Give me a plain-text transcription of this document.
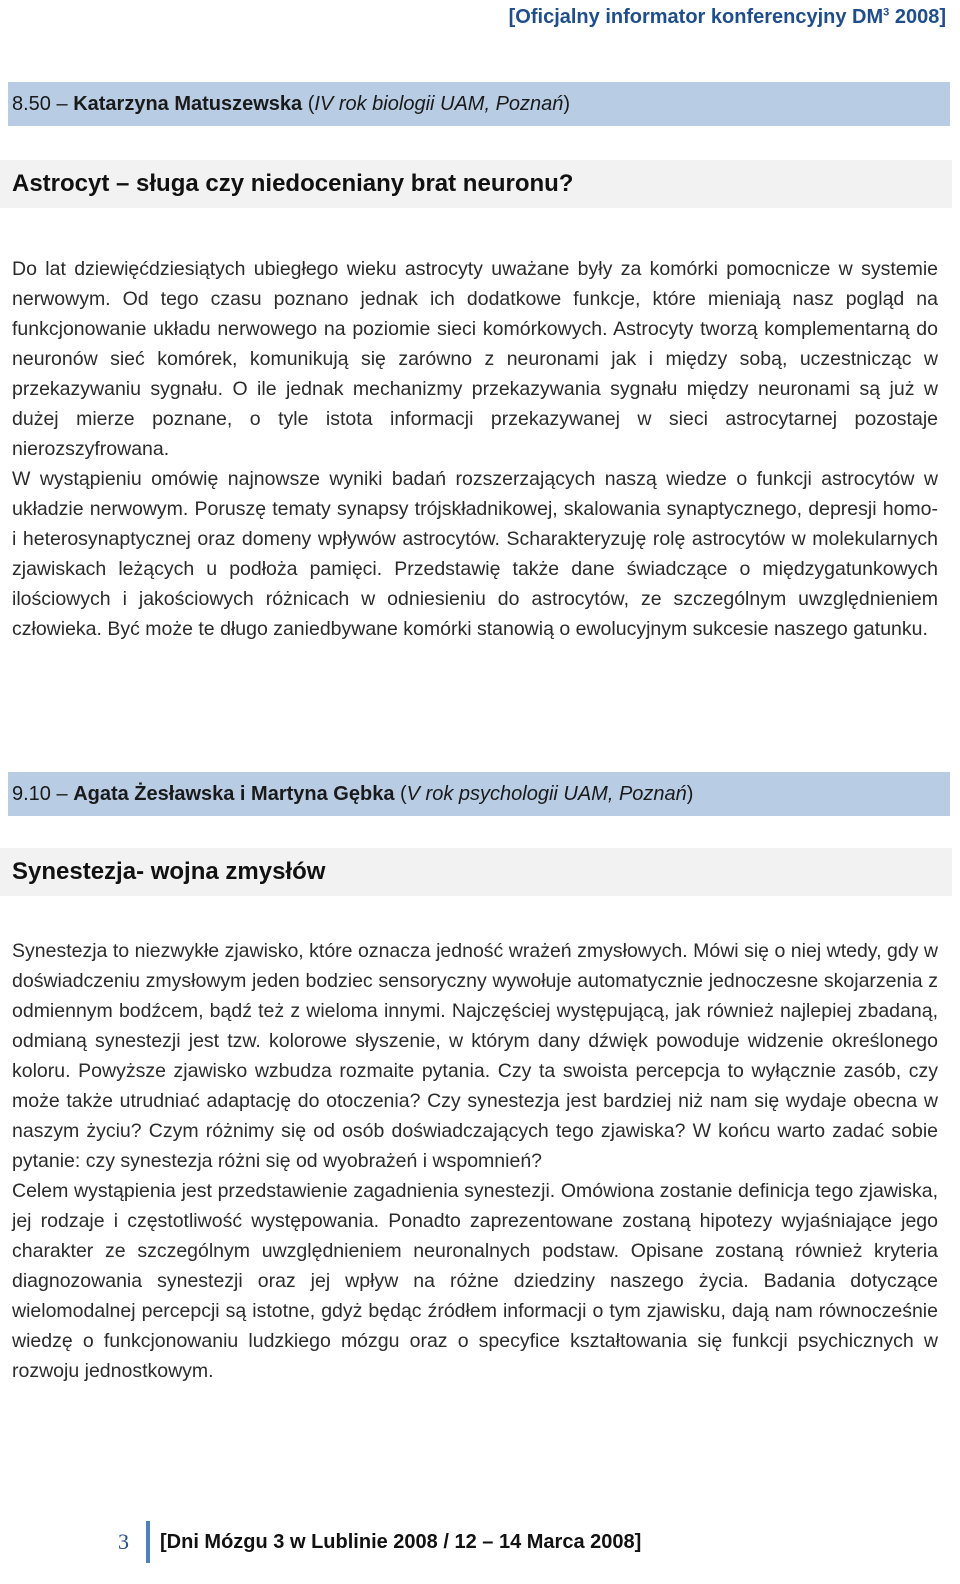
[Oficjalny informator konferencyjny $DM^3$ 2008]
8.50 – Katarzyna Matuszewska (IV rok biologii UAM, Poznań)
Astrocyt – sługa czy niedoceniany brat neuronu?

Do lat dziewięćdziesiątych ubiegłego wieku astrocyty uważane były za komórki pomocnicze w systemie nerwowym. Od tego czasu poznano jednak ich dodatkowe funkcje, które mieniają nasz pogląd na funkcjonowanie układu nerwowego na poziomie sieci komórkowych. Astrocyty tworzą komplementarną do neuronów sieć komórek, komunikują się zarówno z neuronami jak i między sobą, uczestnicząc w przekazywaniu sygnału. O ile jednak mechanizmy przekazywania sygnału między neuronami są już w dużej mierze poznane, o tyle istota informacji przekazywanej w sieci astrocytarnej pozostaje nierozszyfrowana.

W wystąpieniu omówię najnowsze wyniki badań rozszerzających naszą wiedze o funkcji astrocytów w układzie nerwowym. Poruszę tematy synapsy trójskładnikowej, skalowania synaptycznego, depresji homo- i heterosynaptycznej oraz domeny wpływów astrocytów. Scharakteryzuję rolę astrocytów w molekularnych zjawiskach leżących u podłoża pamięci. Przedstawię także dane świadczące o międzygatunkowych ilościowych i jakościowych różnicach w odniesieniu do astrocytów, ze szczególnym uwzględnieniem człowieka. Być może te długo zaniedbywane komórki stanowią o ewolucyjnym sukcesie naszego gatunku.

9.10 – Agata Żesławska i Martyna Gębka (V rok psychologii UAM, Poznań)
Synestezja- wojna zmysłów

Synestezja to niezwykłe zjawisko, które oznacza jedność wrażeń zmysłowych. Mówi się o niej wtedy, gdy w doświadczeniu zmysłowym jeden bodziec sensoryczny wywołuje automatycznie jednoczesne skojarzenia z odmiennym bodźcem, bądź też z wieloma innymi. Najczęściej występującą, jak również najlepiej zbadaną, odmianą synestezji jest tzw. kolorowe słyszenie, w którym dany dźwięk powoduje widzenie określonego koloru. Powyższe zjawisko wzbudza rozmaite pytania. Czy ta swoista percepcja to wyłącznie zasób, czy może także utrudniać adaptację do otoczenia? Czy synestezja jest bardziej niż nam się wydaje obecna w naszym życiu? Czym różnimy się od osób doświadczających tego zjawiska? W końcu warto zadać sobie pytanie: czy synestezja różni się od wyobrażeń i wspomnień?

Celem wystąpienia jest przedstawienie zagadnienia synestezji. Omówiona zostanie definicja tego zjawiska, jej rodzaje i częstotliwość występowania. Ponadto zaprezentowane zostaną hipotezy wyjaśniające jego charakter ze szczególnym uwzględnieniem neuronalnych podstaw. Opisane zostaną również kryteria diagnozowania synestezji oraz jej wpływ na różne dziedziny naszego życia. Badania dotyczące wielomodalnej percepcji są istotne, gdyż będąc źródłem informacji o tym zjawisku, dają nam równocześnie wiedzę o funkcjonowaniu ludzkiego mózgu oraz o specyfice kształtowania się funkcji psychicznych w rozwoju jednostkowym.

3	[Dni Mózgu 3 w Lublinie 2008 / 12 – 14 Marca 2008]
